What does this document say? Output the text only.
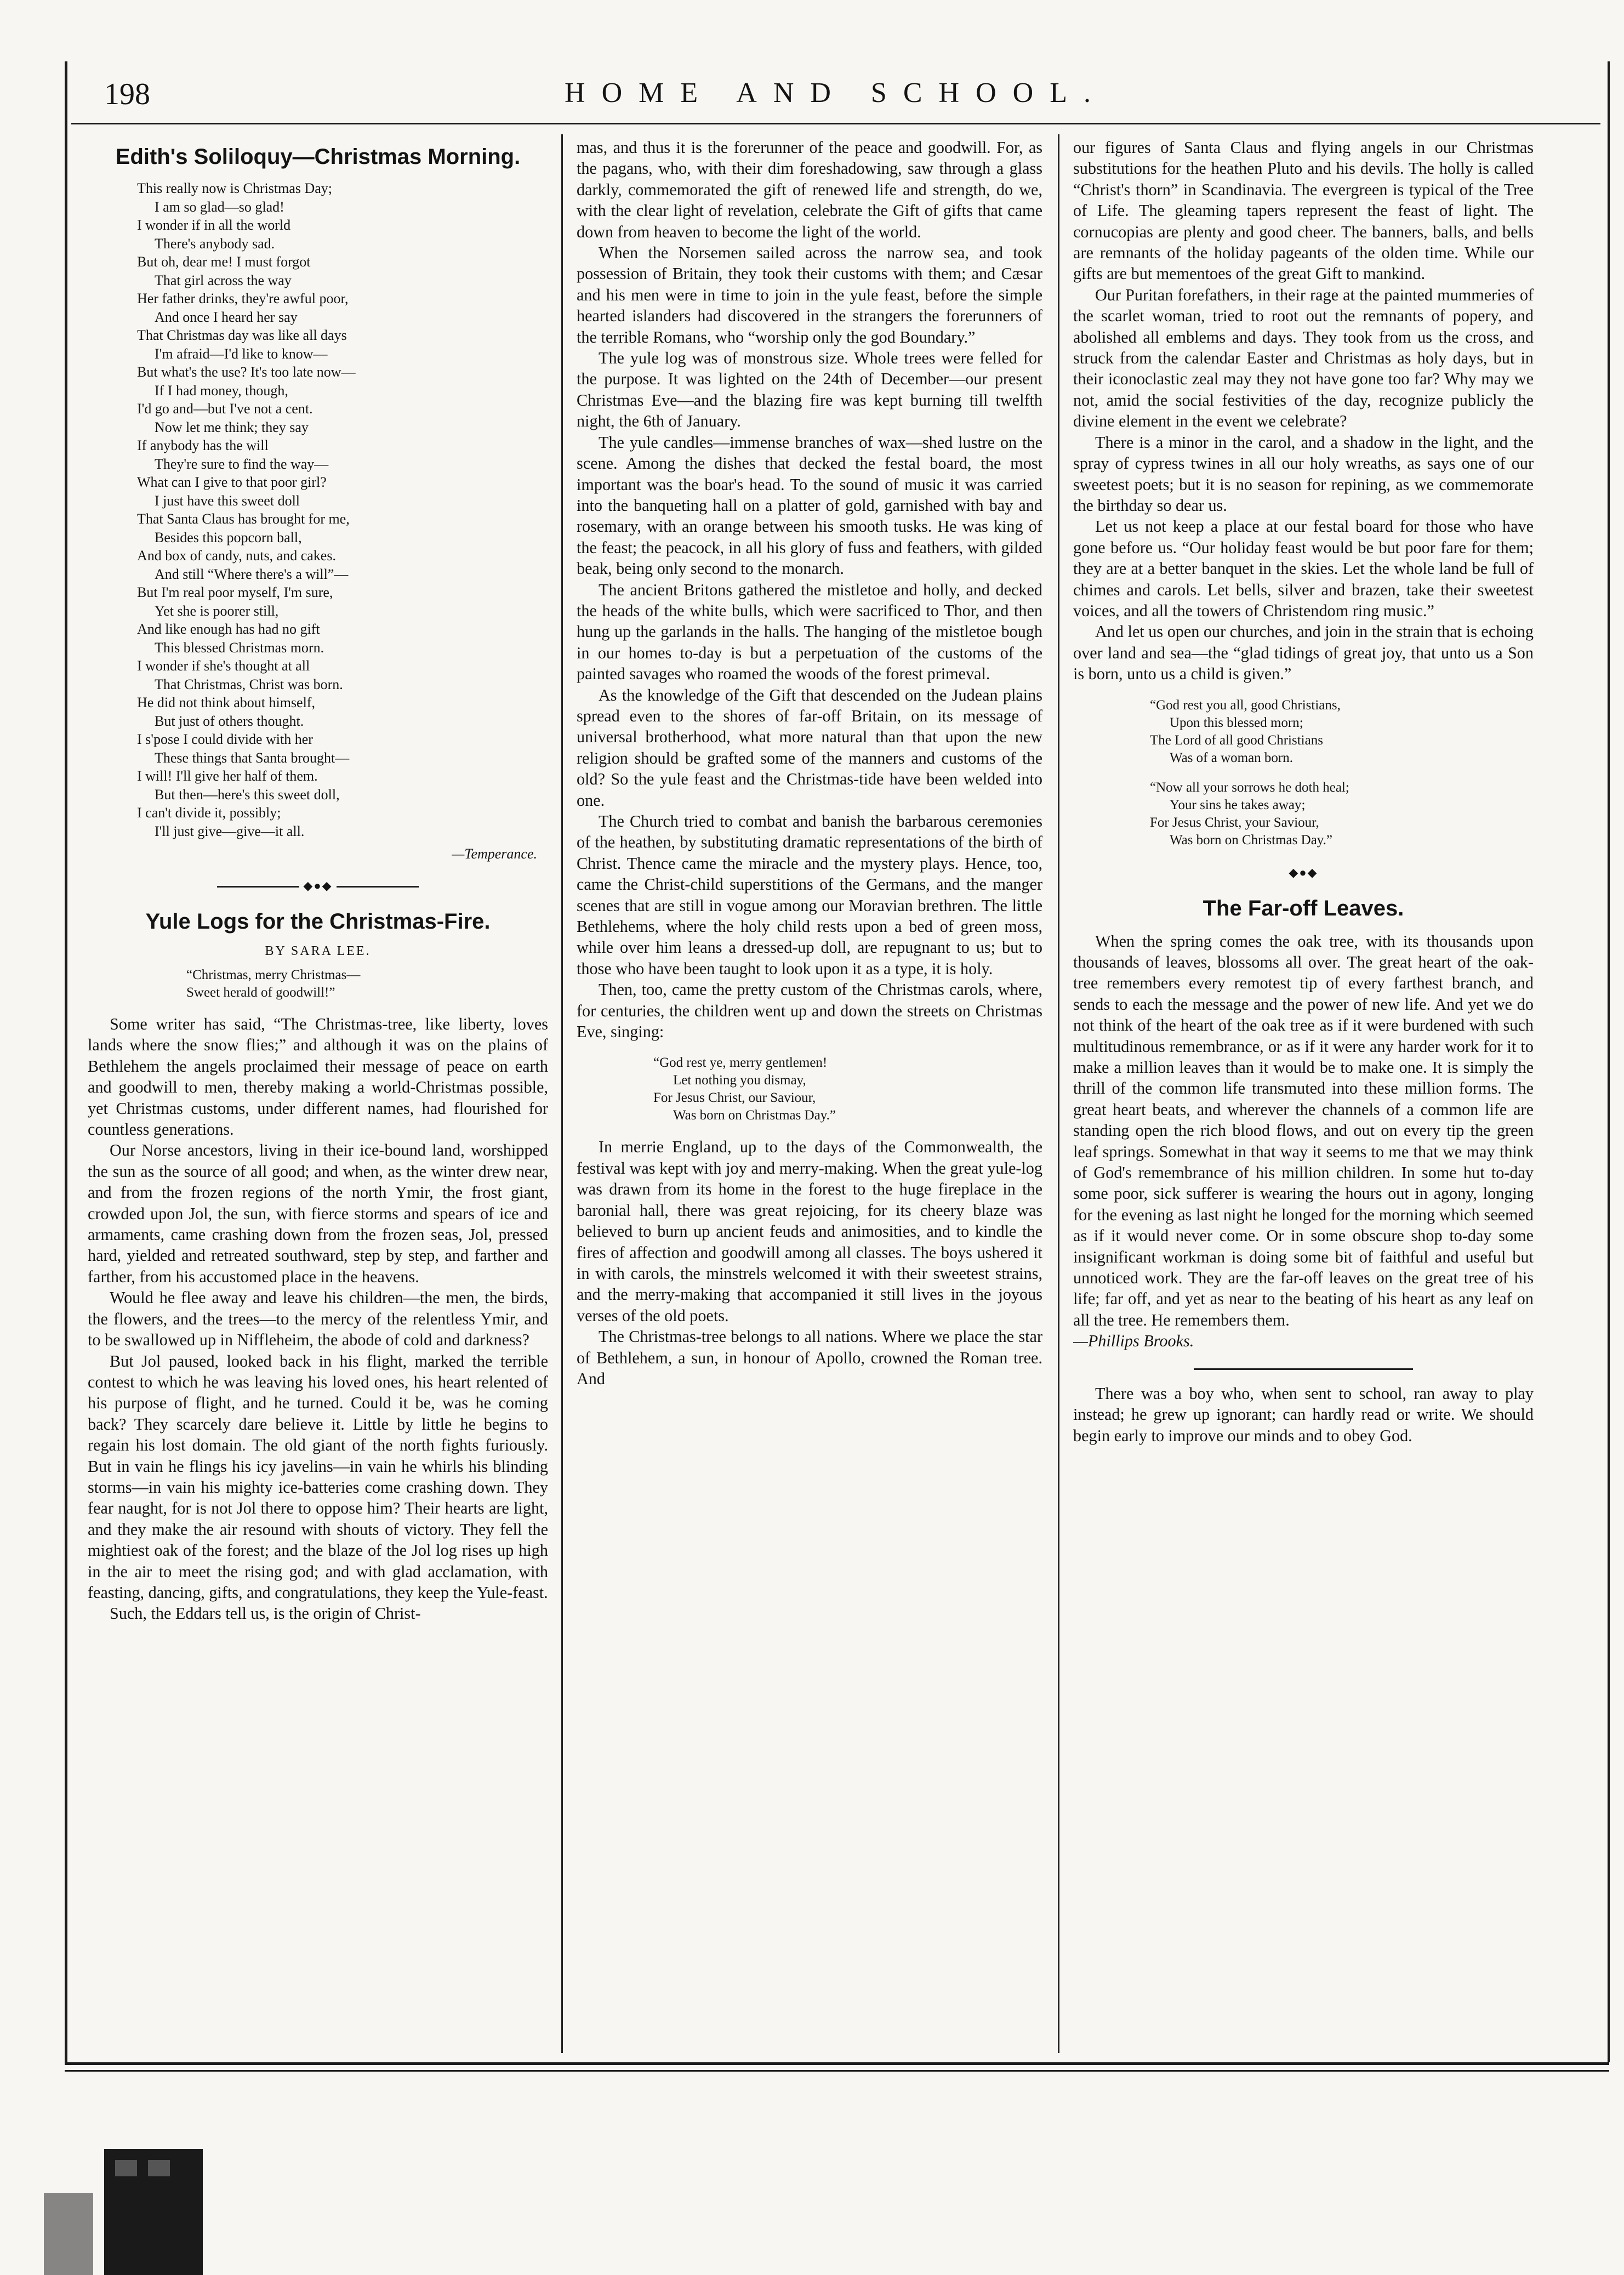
198	HOME AND SCHOOL.
Edith's Soliloquy—Christmas Morning.
This really now is Christmas Day;
I am so glad—so glad!
I wonder if in all the world
There's anybody sad.
But oh, dear me! I must forgot
That girl across the way
Her father drinks, they're awful poor,
And once I heard her say
That Christmas day was like all days
I'm afraid—I'd like to know—
But what's the use? It's too late now—
If I had money, though,
I'd go and—but I've not a cent.
Now let me think; they say
If anybody has the will
They're sure to find the way—
What can I give to that poor girl?
I just have this sweet doll
That Santa Claus has brought for me,
Besides this popcorn ball,
And box of candy, nuts, and cakes.
And still “Where there's a will”—
But I'm real poor myself, I'm sure,
Yet she is poorer still,
And like enough has had no gift
This blessed Christmas morn.
I wonder if she's thought at all
That Christmas, Christ was born.
He did not think about himself,
But just of others thought.
I s'pose I could divide with her
These things that Santa brought—
I will! I'll give her half of them.
But then—here's this sweet doll,
I can't divide it, possibly;
I'll just give—give—it all.
—Temperance.
◆●◆
Yule Logs for the Christmas-Fire.
BY SARA LEE.
“Christmas, merry Christmas—
Sweet herald of goodwill!”

Some writer has said, “The Christmas-tree, like liberty, loves lands where the snow flies;” and although it was on the plains of Bethlehem the angels proclaimed their message of peace on earth and goodwill to men, thereby making a world-Christmas possible, yet Christmas customs, under different names, had flourished for countless generations.

Our Norse ancestors, living in their ice-bound land, worshipped the sun as the source of all good; and when, as the winter drew near, and from the frozen regions of the north Ymir, the frost giant, crowded upon Jol, the sun, with fierce storms and spears of ice and armaments, came crashing down from the frozen seas, Jol, pressed hard, yielded and retreated southward, step by step, and farther and farther, from his accustomed place in the heavens.

Would he flee away and leave his children—the men, the birds, the flowers, and the trees—to the mercy of the relentless Ymir, and to be swallowed up in Niffleheim, the abode of cold and darkness?

But Jol paused, looked back in his flight, marked the terrible contest to which he was leaving his loved ones, his heart relented of his purpose of flight, and he turned. Could it be, was he coming back? They scarcely dare believe it. Little by little he begins to regain his lost domain. The old giant of the north fights furiously. But in vain he flings his icy javelins—in vain he whirls his blinding storms—in vain his mighty ice-batteries come crashing down. They fear naught, for is not Jol there to oppose him? Their hearts are light, and they make the air resound with shouts of victory. They fell the mightiest oak of the forest; and the blaze of the Jol log rises up high in the air to meet the rising god; and with glad acclamation, with feasting, dancing, gifts, and congratulations, they keep the Yule-feast.

Such, the Eddars tell us, is the origin of Christ-

mas, and thus it is the forerunner of the peace and goodwill. For, as the pagans, who, with their dim foreshadowing, saw through a glass darkly, commemorated the gift of renewed life and strength, do we, with the clear light of revelation, celebrate the Gift of gifts that came down from heaven to become the light of the world.

When the Norsemen sailed across the narrow sea, and took possession of Britain, they took their customs with them; and Cæsar and his men were in time to join in the yule feast, before the simple hearted islanders had discovered in the strangers the forerunners of the terrible Romans, who “worship only the god Boundary.”

The yule log was of monstrous size. Whole trees were felled for the purpose. It was lighted on the 24th of December—our present Christmas Eve—and the blazing fire was kept burning till twelfth night, the 6th of January.

The yule candles—immense branches of wax—shed lustre on the scene. Among the dishes that decked the festal board, the most important was the boar's head. To the sound of music it was carried into the banqueting hall on a platter of gold, garnished with bay and rosemary, with an orange between his smooth tusks. He was king of the feast; the peacock, in all his glory of fuss and feathers, with gilded beak, being only second to the monarch.

The ancient Britons gathered the mistletoe and holly, and decked the heads of the white bulls, which were sacrificed to Thor, and then hung up the garlands in the halls. The hanging of the mistletoe bough in our homes to-day is but a perpetuation of the customs of the painted savages who roamed the woods of the forest primeval.

As the knowledge of the Gift that descended on the Judean plains spread even to the shores of far-off Britain, on its message of universal brotherhood, what more natural than that upon the new religion should be grafted some of the manners and customs of the old? So the yule feast and the Christmas-tide have been welded into one.

The Church tried to combat and banish the barbarous ceremonies of the heathen, by substituting dramatic representations of the birth of Christ. Thence came the miracle and the mystery plays. Hence, too, came the Christ-child superstitions of the Germans, and the manger scenes that are still in vogue among our Moravian brethren. The little Bethlehems, where the holy child rests upon a bed of green moss, while over him leans a dressed-up doll, are repugnant to us; but to those who have been taught to look upon it as a type, it is holy.

Then, too, came the pretty custom of the Christmas carols, where, for centuries, the children went up and down the streets on Christmas Eve, singing:

“God rest ye, merry gentlemen!
Let nothing you dismay,
For Jesus Christ, our Saviour,
Was born on Christmas Day.”

In merrie England, up to the days of the Commonwealth, the festival was kept with joy and merry-making. When the great yule-log was drawn from its home in the forest to the huge fireplace in the baronial hall, there was great rejoicing, for its cheery blaze was believed to burn up ancient feuds and animosities, and to kindle the fires of affection and goodwill among all classes. The boys ushered it in with carols, the minstrels welcomed it with their sweetest strains, and the merry-making that accompanied it still lives in the joyous verses of the old poets.

The Christmas-tree belongs to all nations. Where we place the star of Bethlehem, a sun, in honour of Apollo, crowned the Roman tree. And

our figures of Santa Claus and flying angels in our Christmas substitutions for the heathen Pluto and his devils. The holly is called “Christ's thorn” in Scandinavia. The evergreen is typical of the Tree of Life. The gleaming tapers represent the feast of light. The cornucopias are plenty and good cheer. The banners, balls, and bells are remnants of the holiday pageants of the olden time. While our gifts are but mementoes of the great Gift to mankind.

Our Puritan forefathers, in their rage at the painted mummeries of the scarlet woman, tried to root out the remnants of popery, and abolished all emblems and days. They took from us the cross, and struck from the calendar Easter and Christmas as holy days, but in their iconoclastic zeal may they not have gone too far? Why may we not, amid the social festivities of the day, recognize publicly the divine element in the event we celebrate?

There is a minor in the carol, and a shadow in the light, and the spray of cypress twines in all our holy wreaths, as says one of our sweetest poets; but it is no season for repining, as we commemorate the birthday so dear us.

Let us not keep a place at our festal board for those who have gone before us. “Our holiday feast would be but poor fare for them; they are at a better banquet in the skies. Let the whole land be full of chimes and carols. Let bells, silver and brazen, take their sweetest voices, and all the towers of Christendom ring music.”

And let us open our churches, and join in the strain that is echoing over land and sea—the “glad tidings of great joy, that unto us a Son is born, unto us a child is given.”

“God rest you all, good Christians,
Upon this blessed morn;
The Lord of all good Christians
Was of a woman born.
“Now all your sorrows he doth heal;
Your sins he takes away;
For Jesus Christ, your Saviour,
Was born on Christmas Day.”
◆●◆
The Far-off Leaves.

When the spring comes the oak tree, with its thousands upon thousands of leaves, blossoms all over. The great heart of the oak-tree remembers every remotest tip of every farthest branch, and sends to each the message and the power of new life. And yet we do not think of the heart of the oak tree as if it were burdened with such multitudinous remembrance, or as if it were any harder work for it to make a million leaves than it would be to make one. It is simply the thrill of the common life transmuted into these million forms. The great heart beats, and wherever the channels of a common life are standing open the rich blood flows, and out on every tip the green leaf springs. Somewhat in that way it seems to me that we may think of God's remembrance of his million children. In some hut to-day some poor, sick sufferer is wearing the hours out in agony, longing for the evening as last night he longed for the morning which seemed as if it would never come. Or in some obscure shop to-day some insignificant workman is doing some bit of faithful and useful but unnoticed work. They are the far-off leaves on the great tree of his life; far off, and yet as near to the beating of his heart as any leaf on all the tree. He remembers them.

—Phillips Brooks.

There was a boy who, when sent to school, ran away to play instead; he grew up ignorant; can hardly read or write. We should begin early to improve our minds and to obey God.
